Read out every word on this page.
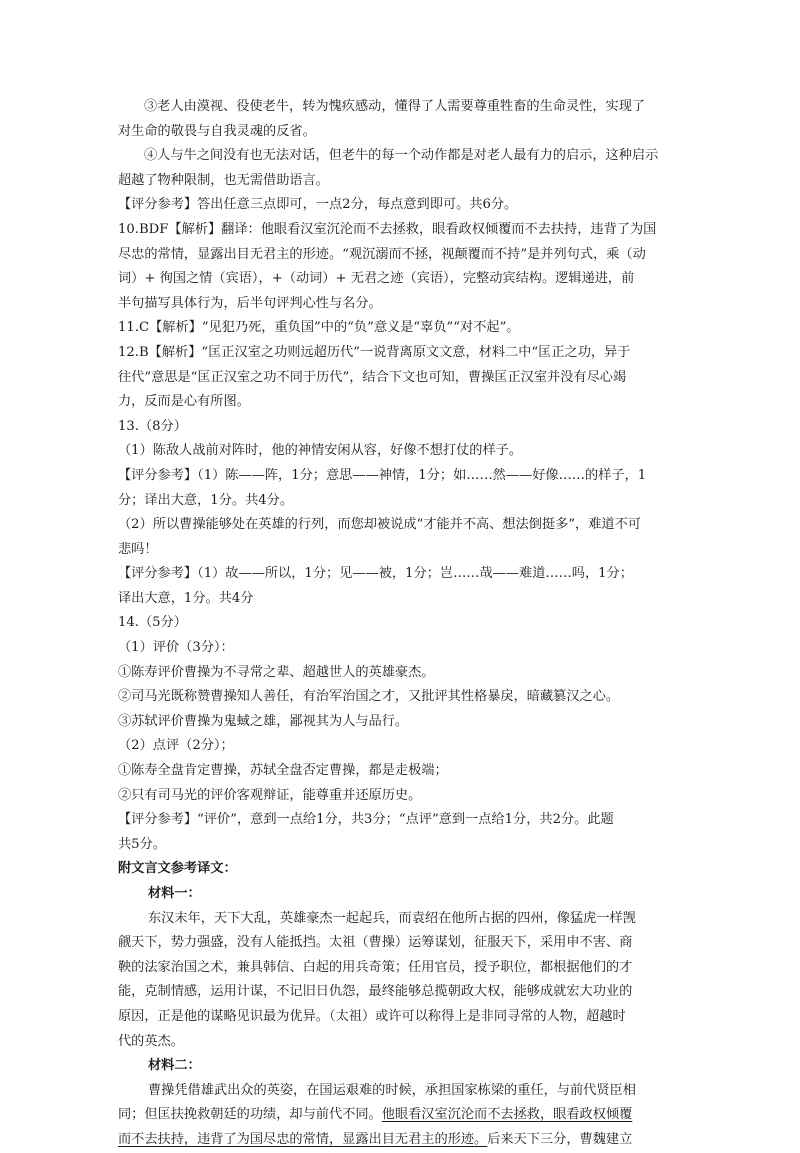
③老人由漠视、役使老牛，转为愧疚感动，懂得了人需要尊重牲畜的生命灵性，实现了
对生命的敬畏与自我灵魂的反省。
④人与牛之间没有也无法对话，但老牛的每一个动作都是对老人最有力的启示，这种启示
超越了物种限制，也无需借助语言。
【评分参考】答出任意三点即可，一点2分，每点意到即可。共6分。
10.BDF【解析】翻译：他眼看汉室沉沦而不去拯救，眼看政权倾覆而不去扶持，违背了为国
尽忠的常情，显露出目无君主的形迹。“观沉溺而不拯，视颠覆而不持”是并列句式，乘（动
词）+ 徇国之情（宾语），+（动词）+ 无君之迹（宾语），完整动宾结构。逻辑递进，前
半句描写具体行为，后半句评判心性与名分。
11.C【解析】“见犯乃死，重负国”中的“负”意义是“辜负”“对不起”。
12.B【解析】“匡正汉室之功则远超历代”一说背离原文文意，材料二中“匡正之功，异于
往代”意思是“匡正汉室之功不同于历代”，结合下文也可知，曹操匡正汉室并没有尽心竭
力，反而是心有所图。
13.（8分）
（1）陈敌人战前对阵时，他的神情安闲从容，好像不想打仗的样子。
【评分参考】（1）陈——阵，1分；意思——神情，1分；如……然——好像……的样子，1
分；译出大意，1分。共4分。
（2）所以曹操能够处在英雄的行列，而您却被说成“才能并不高、想法倒挺多”，难道不可
悲吗！
【评分参考】（1）故——所以，1分；见——被，1分；岂……哉——难道……吗，1分；
译出大意，1分。共4分
14.（5分）
（1）评价（3分）：
①陈寿评价曹操为不寻常之辈、超越世人的英雄豪杰。
②司马光既称赞曹操知人善任，有治军治国之才，又批评其性格暴戾，暗藏篡汉之心。
③苏轼评价曹操为鬼蜮之雄，鄙视其为人与品行。
（2）点评（2分）；
①陈寿全盘肯定曹操，苏轼全盘否定曹操，都是走极端；
②只有司马光的评价客观辩证，能尊重并还原历史。
【评分参考】“评价”，意到一点给1分，共3分；“点评”意到一点给1分，共2分。此题
共5分。
附文言文参考译文：
材料一：
东汉末年，天下大乱，英雄豪杰一起起兵，而袁绍在他所占据的四州，像猛虎一样觊
觎天下，势力强盛，没有人能抵挡。太祖（曹操）运筹谋划，征服天下，采用申不害、商
鞅的法家治国之术，兼具韩信、白起的用兵奇策；任用官员，授予职位，都根据他们的才
能，克制情感，运用计谋，不记旧日仇怨，最终能够总揽朝政大权，能够成就宏大功业的
原因，正是他的谋略见识最为优异。（太祖）或许可以称得上是非同寻常的人物，超越时
代的英杰。
材料二：
曹操凭借雄武出众的英姿，在国运艰难的时候，承担国家栋梁的重任，与前代贤臣相
同；但匡扶挽救朝廷的功绩，却与前代不同。他眼看汉室沉沦而不去拯救，眼看政权倾覆
而不去扶持，违背了为国尽忠的常情，显露出目无君主的形迹。后来天下三分，曹魏建立
